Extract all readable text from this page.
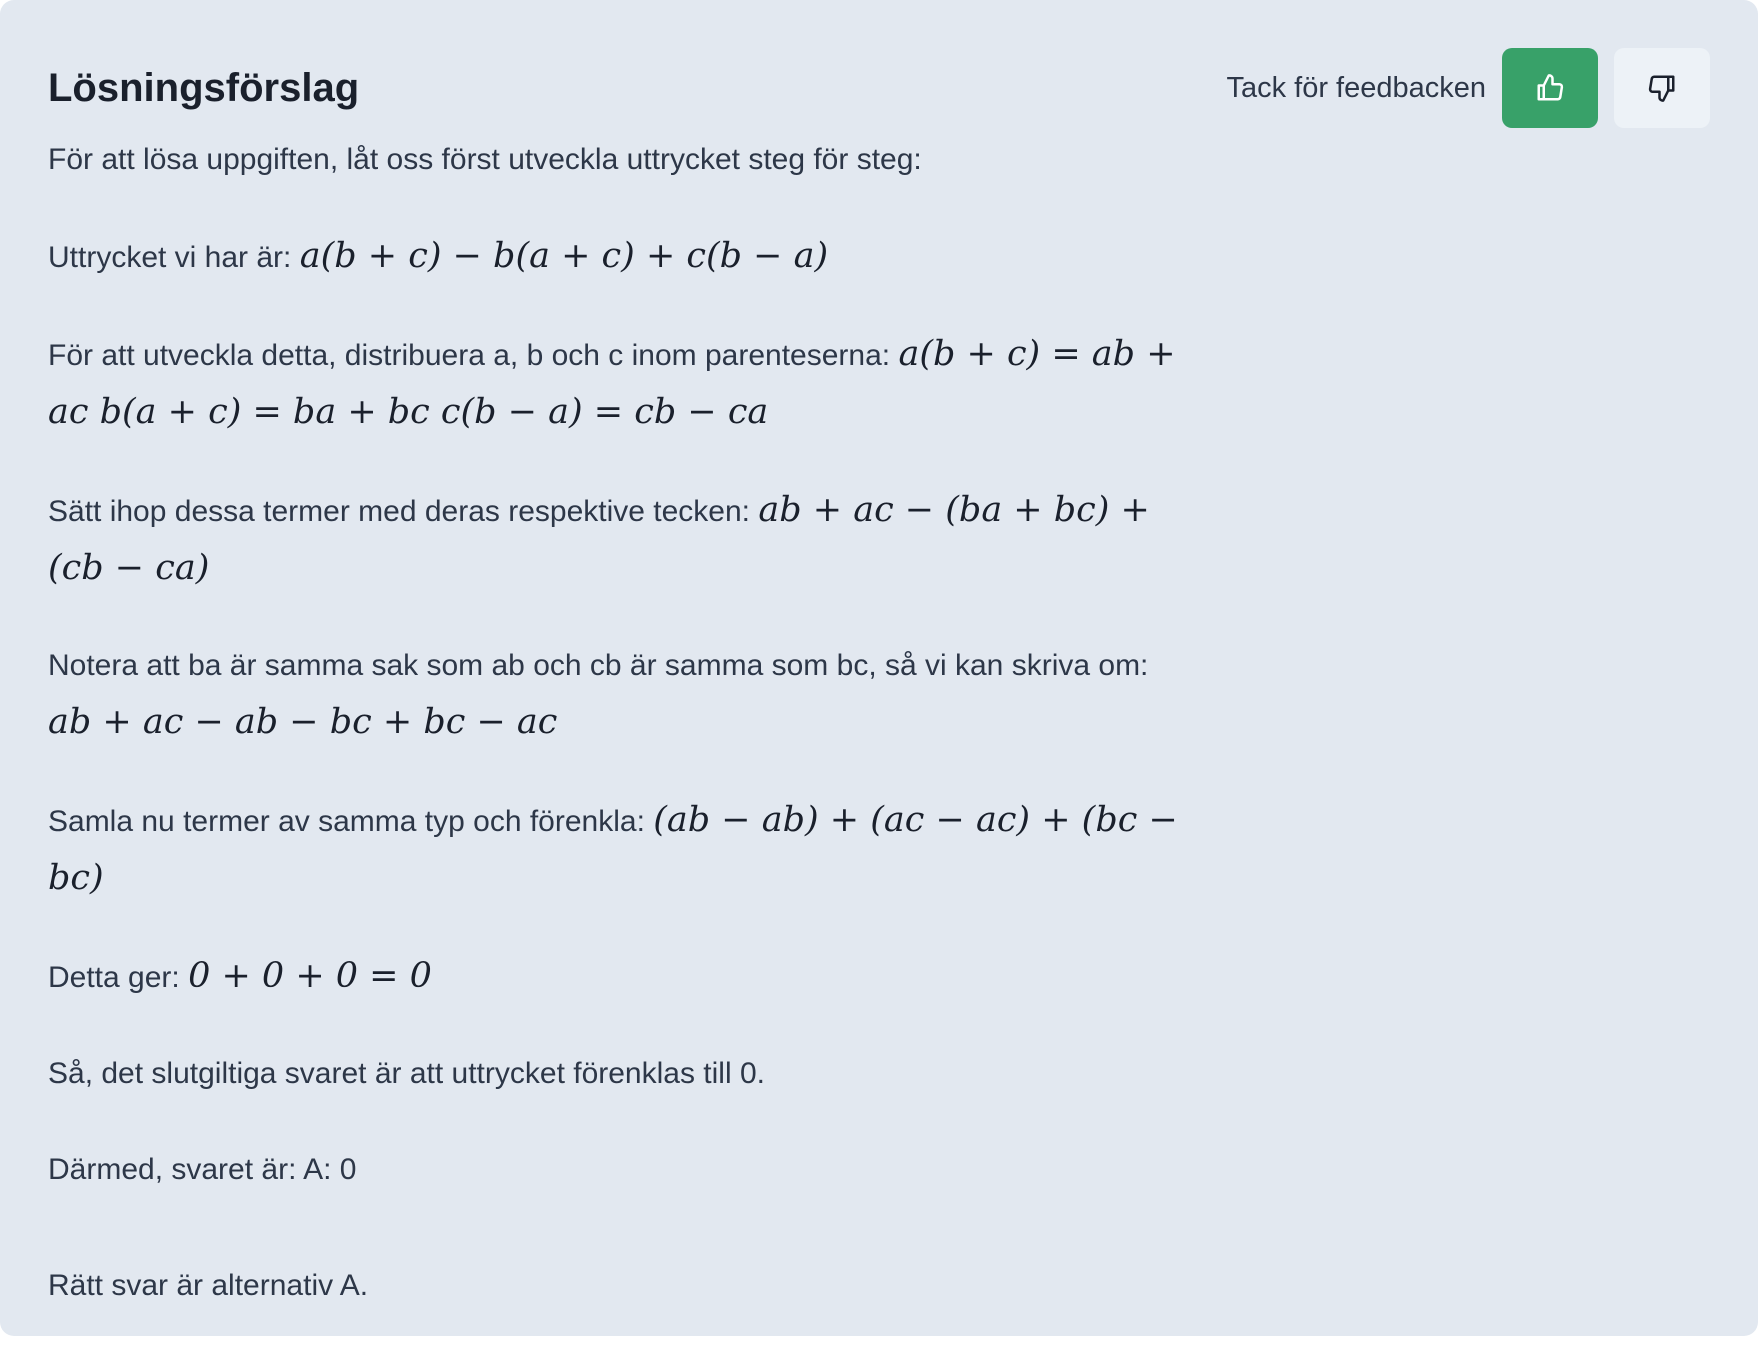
Lösningsförslag	Tack för feedbacken

För att lösa uppgiften, låt oss först utveckla uttrycket steg för steg:

Uttrycket vi har är: a(b + c) − b(a + c) + c(b − a)

För att utveckla detta, distribuera a, b och c inom parenteserna: a(b + c) = ab + ac b(a + c) = ba + bc c(b − a) = cb − ca

Sätt ihop dessa termer med deras respektive tecken: ab + ac − (ba + bc) + (cb − ca)

Notera att ba är samma sak som ab och cb är samma som bc, så vi kan skriva om: ab + ac − ab − bc + bc − ac

Samla nu termer av samma typ och förenkla: (ab − ab) + (ac − ac) + (bc − bc)

Detta ger: 0 + 0 + 0 = 0

Så, det slutgiltiga svaret är att uttrycket förenklas till 0.

Därmed, svaret är: A: 0

Rätt svar är alternativ A.
